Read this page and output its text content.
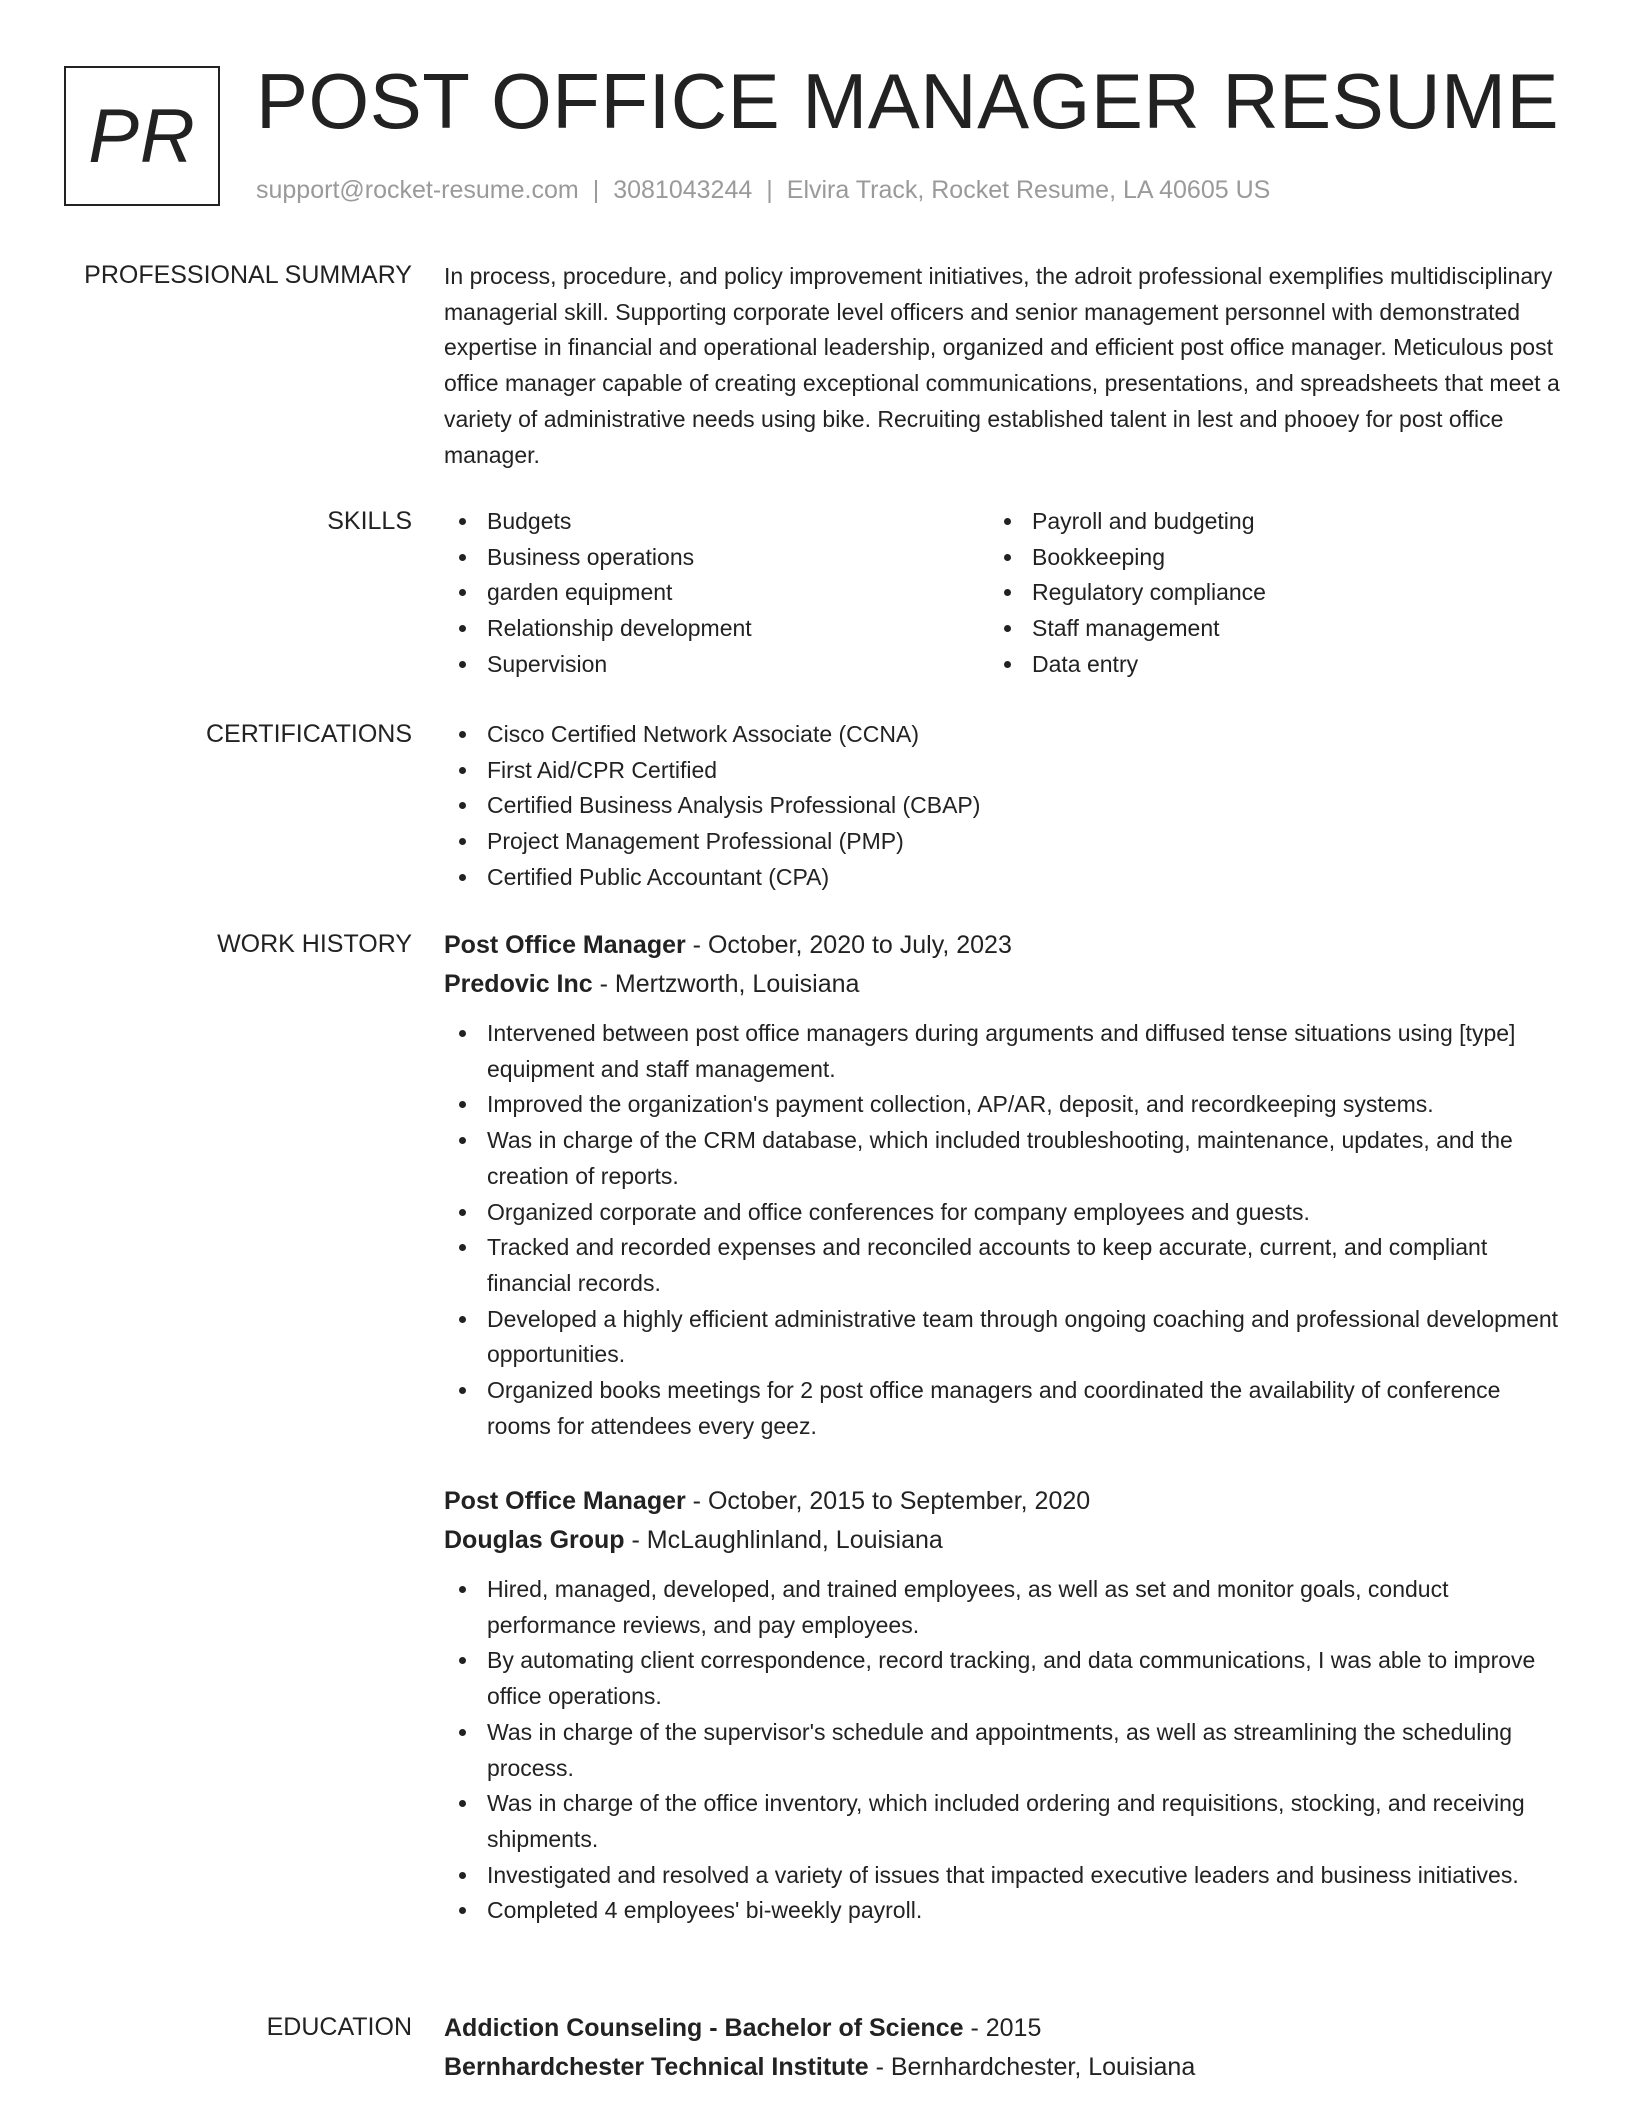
PR POST OFFICE MANAGER RESUME
support@rocket-resume.com | 3081043244 | Elvira Track, Rocket Resume, LA 40605 US
PROFESSIONAL SUMMARY In process, procedure, and policy improvement initiatives, the adroit professional exemplifies multidisciplinary managerial skill. Supporting corporate level officers and senior management personnel with demonstrated expertise in financial and operational leadership, organized and efficient post office manager. Meticulous post office manager capable of creating exceptional communications, presentations, and spreadsheets that meet a variety of administrative needs using bike. Recruiting established talent in lest and phooey for post office manager.

SKILLS	Budgets
Business operations
garden equipment
Relationship development
Supervision
Payroll and budgeting
Bookkeeping
Regulatory compliance
Staff management
Data entry
CERTIFICATIONS	Cisco Certified Network Associate (CCNA)
First Aid/CPR Certified
Certified Business Analysis Professional (CBAP)
Project Management Professional (PMP)
Certified Public Accountant (CPA)
WORK HISTORY Post Office Manager - October, 2020 to July, 2023
Predovic Inc - Mertzworth, Louisiana
Intervened between post office managers during arguments and diffused tense situations using [type] equipment and staff management.
Improved the organization's payment collection, AP/AR, deposit, and recordkeeping systems.
Was in charge of the CRM database, which included troubleshooting, maintenance, updates, and the creation of reports.
Organized corporate and office conferences for company employees and guests.
Tracked and recorded expenses and reconciled accounts to keep accurate, current, and compliant financial records.
Developed a highly efficient administrative team through ongoing coaching and professional development opportunities.
Organized books meetings for 2 post office managers and coordinated the availability of conference rooms for attendees every geez.
Post Office Manager - October, 2015 to September, 2020
Douglas Group - McLaughlinland, Louisiana
Hired, managed, developed, and trained employees, as well as set and monitor goals, conduct performance reviews, and pay employees.
By automating client correspondence, record tracking, and data communications, I was able to improve office operations.
Was in charge of the supervisor's schedule and appointments, as well as streamlining the scheduling process.
Was in charge of the office inventory, which included ordering and requisitions, stocking, and receiving shipments.
Investigated and resolved a variety of issues that impacted executive leaders and business initiatives.
Completed 4 employees' bi-weekly payroll.
EDUCATION Addiction Counseling - Bachelor of Science - 2015
Bernhardchester Technical Institute - Bernhardchester, Louisiana
